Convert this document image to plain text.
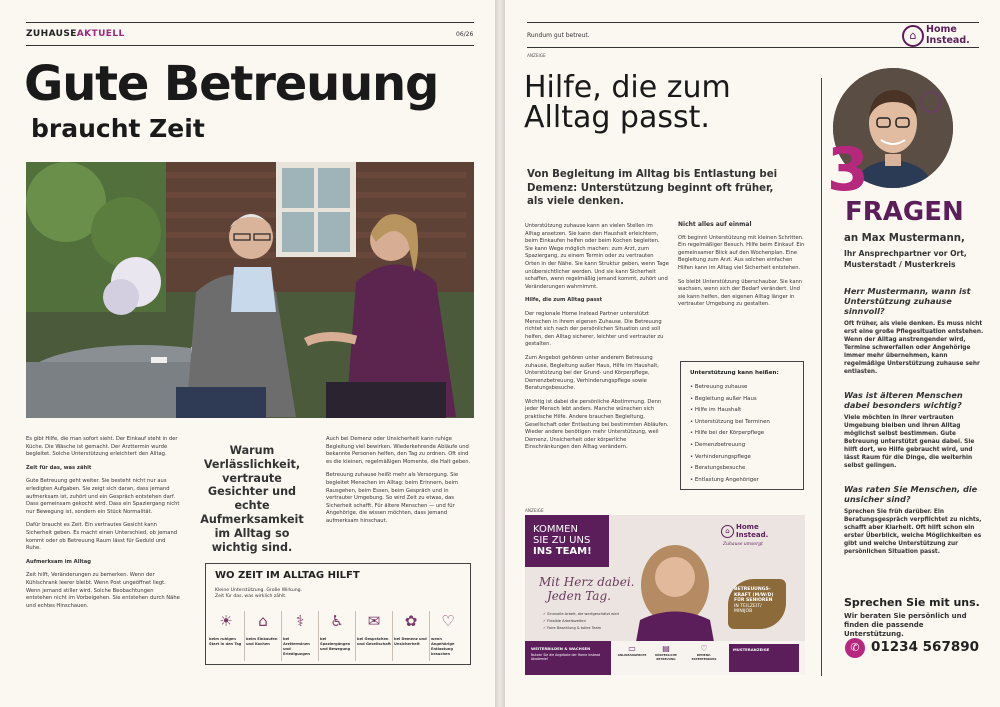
ZUHAUSEAKTUELL	06/26
Gute Betreuung
braucht Zeit

Es gibt Hilfe, die man sofort sieht. Der Einkauf steht in der Küche. Die Wäsche ist gemacht. Der Arzttermin wurde begleitet. Solche Unterstützung erleichtert den Alltag.

Zeit für das, was zählt

Gute Betreuung geht weiter. Sie besteht nicht nur aus erledigten Aufgaben. Sie zeigt sich daran, dass jemand aufmerksam ist, zuhört und ein Gespräch entstehen darf. Dass gemeinsam gekocht wird. Dass ein Spaziergang nicht nur Bewegung ist, sondern ein Stück Normalität.

Dafür braucht es Zeit. Ein vertrautes Gesicht kann Sicherheit geben. Es macht einen Unterschied, ob jemand kommt oder ob Betreuung Raum lässt für Geduld und Ruhe.

Aufmerksam im Alltag

Zeit hilft, Veränderungen zu bemerken. Wenn der Kühlschrank leerer bleibt. Wenn Post ungeöffnet liegt. Wenn jemand stiller wird. Solche Beobachtungen entstehen nicht im Vorbeigehen. Sie entstehen durch Nähe und echtes Hinschauen.

Warum Verlässlichkeit, vertraute Gesichter und echte Aufmerksamkeit im Alltag so wichtig sind.

Auch bei Demenz oder Unsicherheit kann ruhige Begleitung viel bewirken. Wiederkehrende Abläufe und bekannte Personen helfen, den Tag zu ordnen. Oft sind es die kleinen, regelmäßigen Momente, die Halt geben.

Betreuung zuhause heißt mehr als Versorgung. Sie begleitet Menschen im Alltag: beim Erinnern, beim Rausgehen, beim Essen, beim Gespräch und in vertrauter Umgebung. So wird Zeit zu etwas, das Sicherheit schafft. Für ältere Menschen — und für Angehörige, die wissen möchten, dass jemand aufmerksam hinschaut.

WO ZEIT IM ALLTAG HILFT
Kleine Unterstützung. Große Wirkung.
Zeit für das, was wirklich zählt.
☀
beim ruhigen Start in den Tag
⌂
beim Einkaufen und Kochen
⚕
bei Arztterminen und Erledigungen
♿
bei Spaziergängen und Bewegung
✉
bei Gesprächen und Gesellschaft
✿
bei Demenz und Unsicherheit
♡
wenn Angehörige Entlastung brauchen
Rundum gut betreut.	⌂	Home
Instead.
ANZEIGE
Hilfe, die zum
Alltag passt.
Von Begleitung im Alltag bis Entlastung bei Demenz: Unterstützung beginnt oft früher, als viele denken.

Unterstützung zuhause kann an vielen Stellen im Alltag ansetzen. Sie kann den Haushalt erleichtern, beim Einkaufen helfen oder beim Kochen begleiten. Sie kann Wege möglich machen: zum Arzt, zum Spaziergang, zu einem Termin oder zu vertrauten Orten in der Nähe. Sie kann Struktur geben, wenn Tage unübersichtlicher werden. Und sie kann Sicherheit schaffen, wenn regelmäßig jemand kommt, zuhört und Veränderungen wahrnimmt.

Hilfe, die zum Alltag passt

Der regionale Home Instead Partner unterstützt Menschen in ihrem eigenen Zuhause. Die Betreuung richtet sich nach der persönlichen Situation und soll helfen, den Alltag sicherer, leichter und vertrauter zu gestalten.

Zum Angebot gehören unter anderem Betreuung zuhause, Begleitung außer Haus, Hilfe im Haushalt, Unterstützung bei der Grund- und Körperpflege, Demenzbetreuung, Verhinderungspflege sowie Beratungsbesuche.

Wichtig ist dabei die persönliche Abstimmung. Denn jeder Mensch lebt anders. Manche wünschen sich praktische Hilfe. Andere brauchen Begleitung, Gesellschaft oder Entlastung bei bestimmten Abläufen. Wieder andere benötigen mehr Unterstützung, weil Demenz, Unsicherheit oder körperliche Einschränkungen den Alltag verändern.

Nicht alles auf einmal

Oft beginnt Unterstützung mit kleinen Schritten. Ein regelmäßiger Besuch. Hilfe beim Einkauf. Ein gemeinsamer Blick auf den Wochenplan. Eine Begleitung zum Arzt. Aus solchen einfachen Hilfen kann im Alltag viel Sicherheit entstehen.

So bleibt Unterstützung überschaubar. Sie kann wachsen, wenn sich der Bedarf verändert. Und sie kann helfen, den eigenen Alltag länger in vertrauter Umgebung zu gestalten.

Unterstützung kann heißen:
• Betreuung zuhause
• Begleitung außer Haus
• Hilfe im Haushalt
• Unterstützung bei Terminen
• Hilfe bei der Körperpflege
• Demenzbetreuung
• Verhinderungspflege
• Beratungsbesuche
• Entlastung Angehöriger
ANZEIGE
KOMMEN
SIE ZU UNS
INS TEAM!
Mit Herz dabei.
Jeden Tag.
✓ Sinnvolle Arbeit, die wertgeschätzt wird
✓ Flexible Arbeitszeiten
✓ Faire Bezahlung & tolles Team
⌂ Home
Instead.
Zuhause umsorgt
BETREUUNGS-
KRAFT (M/W/D)
FÜR SENIOREN
IN TEILZEIT/
MINIJOB
WEITERBILDEN & WACHSEN
Nutzen Sie die Angebote der Home Instead Akademie!
▭
ONLINEANGEBOTE
▤
KÖRPERLICHE BETREUUNG
♡
DEMENZ-EXPERTENKURS
MUSTERANZEIGE
3
FRAGEN
an Max Mustermann,
Ihr Ansprechpartner vor Ort, Musterstadt / Musterkreis
Herr Mustermann, wann ist Unterstützung zuhause sinnvoll?
Oft früher, als viele denken. Es muss nicht erst eine große Pflegesituation entstehen. Wenn der Alltag anstrengender wird, Termine schwerfallen oder Angehörige immer mehr übernehmen, kann regelmäßige Unterstützung zuhause sehr entlasten.
Was ist älteren Menschen dabei besonders wichtig?
Viele möchten in ihrer vertrauten Umgebung bleiben und ihren Alltag möglichst selbst bestimmen. Gute Betreuung unterstützt genau dabei. Sie hilft dort, wo Hilfe gebraucht wird, und lässt Raum für die Dinge, die weiterhin selbst gelingen.
Was raten Sie Menschen, die unsicher sind?
Sprechen Sie früh darüber. Ein Beratungsgespräch verpflichtet zu nichts, schafft aber Klarheit. Oft hilft schon ein erster Überblick, welche Möglichkeiten es gibt und welche Unterstützung zur persönlichen Situation passt.
Sprechen Sie mit uns.
Wir beraten Sie persönlich und finden die passende Unterstützung.
✆ 01234 567890
